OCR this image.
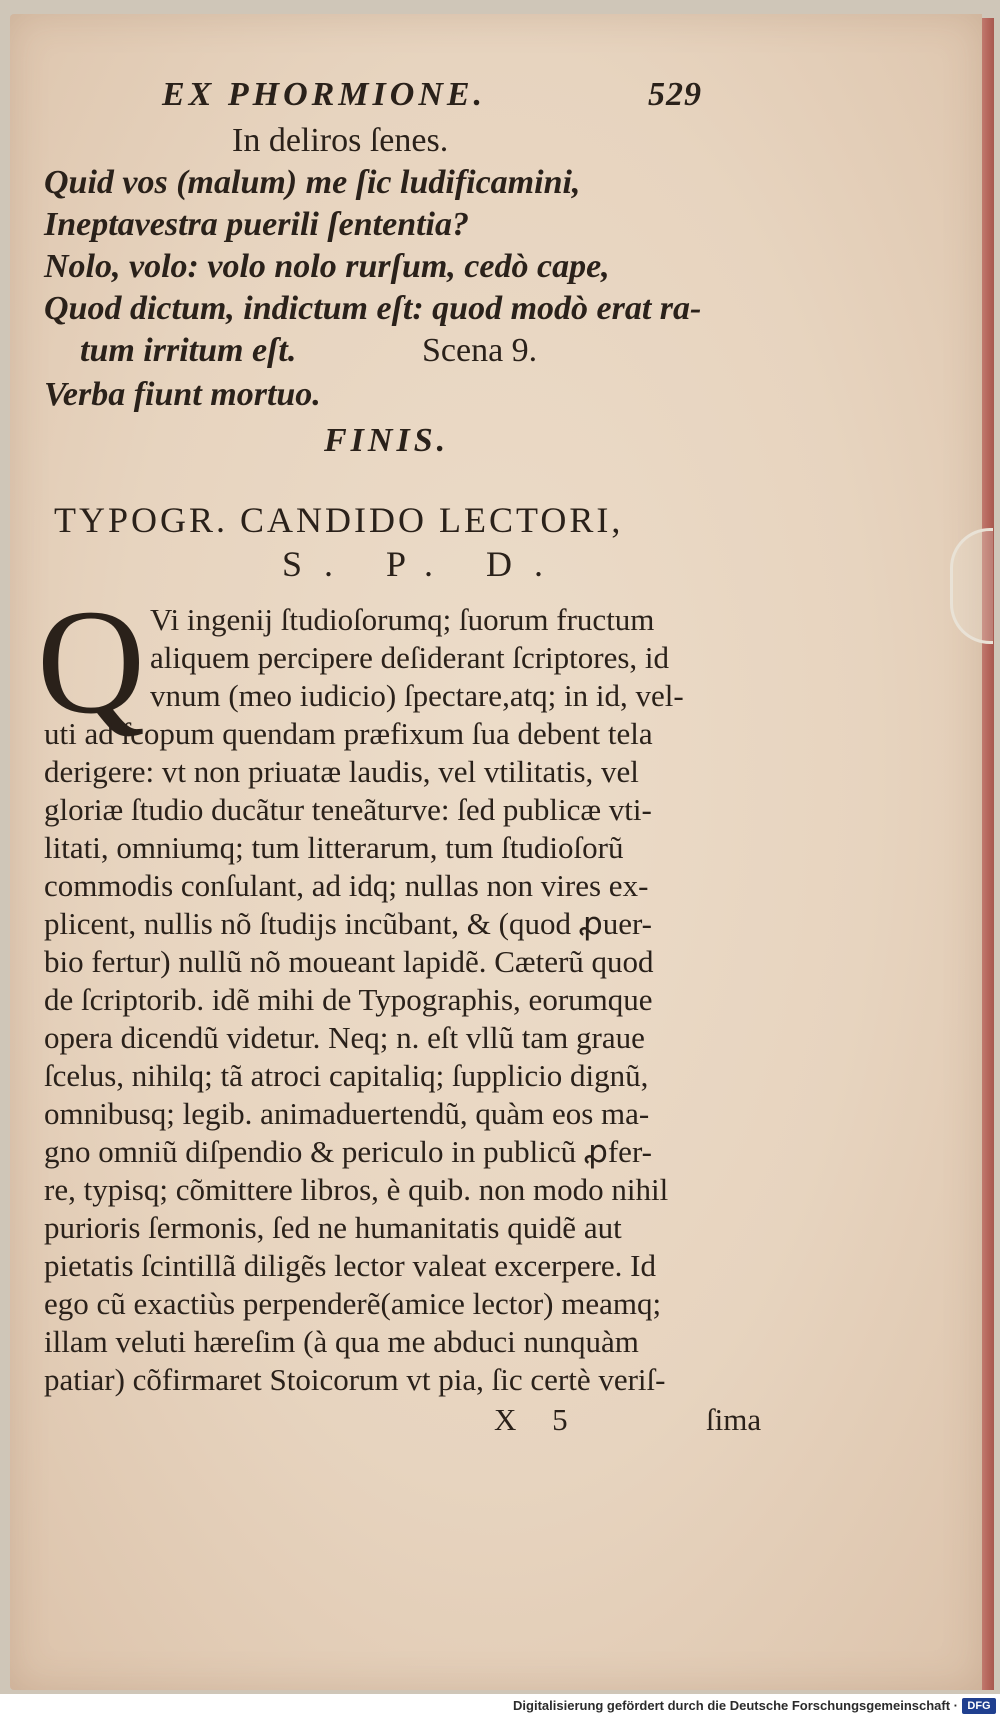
EX PHORMIONE.	529
In deliros ſenes.
Quid vos (malum) me ſic ludificamini,
Ineptavestra puerili ſententia?
Nolo, volo: volo nolo rurſum, cedò cape,
Quod dictum, indictum eſt: quod modò erat ra-
tum irritum eſt.	Scena 9.
Verba fiunt mortuo.
FINIS.
TYPOGR. CANDIDO LECTORI,
S. P. D.
Q Vi ingenij ſtudioſorumq; ſuorum fructum
aliquem percipere deſiderant ſcriptores, id
vnum (meo iudicio) ſpectare,atq; in id, vel-
uti ad ſcopum quendam præfixum ſua debent tela
derigere: vt non priuatæ laudis, vel vtilitatis, vel
gloriæ ſtudio ducãtur teneãturve: ſed publicæ vti-
litati, omniumq; tum litterarum, tum ſtudioſorũ
commodis conſulant, ad idq; nullas non vires ex-
plicent, nullis nõ ſtudijs incũbant, & (quod ꝓuer-
bio fertur) nullũ nõ moueant lapidẽ. Cæterũ quod
de ſcriptorib. idẽ mihi de Typographis, eorumque
opera dicendũ videtur. Neq; n. eſt vllũ tam graue
ſcelus, nihilq; tã atroci capitaliq; ſupplicio dignũ,
omnibusq; legib. animaduertendũ, quàm eos ma-
gno omniũ diſpendio & periculo in publicũ ꝓfer-
re, typisq; cõmittere libros, è quib. non modo nihil
purioris ſermonis, ſed ne humanitatis quidẽ aut
pietatis ſcintillã diligẽs lector valeat excerpere. Id
ego cũ exactiùs perpenderẽ(amice lector) meamq;
illam veluti hæreſim (à qua me abduci nunquàm
patiar) cõfirmaret Stoicorum vt pia, ſic certè veriſ-
X 5	ſima
Digitalisierung gefördert durch die Deutsche Forschungsgemeinschaft · DFG
